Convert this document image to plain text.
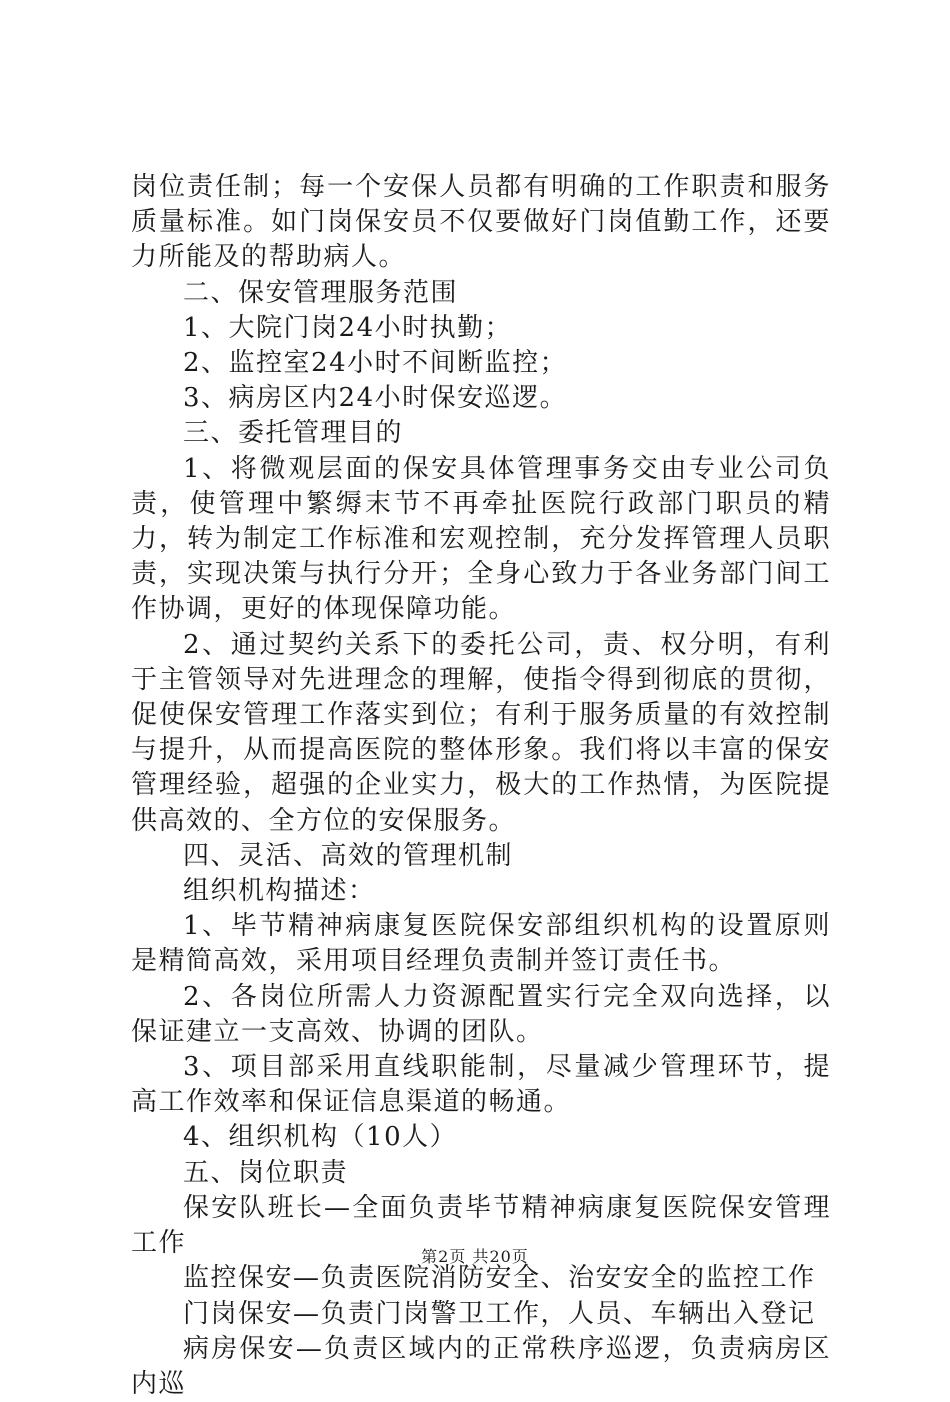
岗位责任制；每一个安保人员都有明确的工作职责和服务质量标准。如门岗保安员不仅要做好门岗值勤工作，还要力所能及的帮助病人。

二、保安管理服务范围

1、大院门岗24小时执勤；

2、监控室24小时不间断监控；

3、病房区内24小时保安巡逻。

三、委托管理目的

1、将微观层面的保安具体管理事务交由专业公司负责，使管理中繁缛末节不再牵扯医院行政部门职员的精力，转为制定工作标准和宏观控制，充分发挥管理人员职责，实现决策与执行分开；全身心致力于各业务部门间工作协调，更好的体现保障功能。

2、通过契约关系下的委托公司，责、权分明，有利于主管领导对先进理念的理解，使指令得到彻底的贯彻，促使保安管理工作落实到位；有利于服务质量的有效控制与提升，从而提高医院的整体形象。我们将以丰富的保安管理经验，超强的企业实力，极大的工作热情，为医院提供高效的、全方位的安保服务。

四、灵活、高效的管理机制

组织机构描述：

1、毕节精神病康复医院保安部组织机构的设置原则是精简高效，采用项目经理负责制并签订责任书。

2、各岗位所需人力资源配置实行完全双向选择，以保证建立一支高效、协调的团队。

3、项目部采用直线职能制，尽量减少管理环节，提高工作效率和保证信息渠道的畅通。

4、组织机构（10人）

五、岗位职责

保安队班长—全面负责毕节精神病康复医院保安管理工作

监控保安—负责医院消防安全、治安安全的监控工作

门岗保安—负责门岗警卫工作，人员、车辆出入登记

病房保安—负责区域内的正常秩序巡逻，负责病房区内巡

第2页 共20页
